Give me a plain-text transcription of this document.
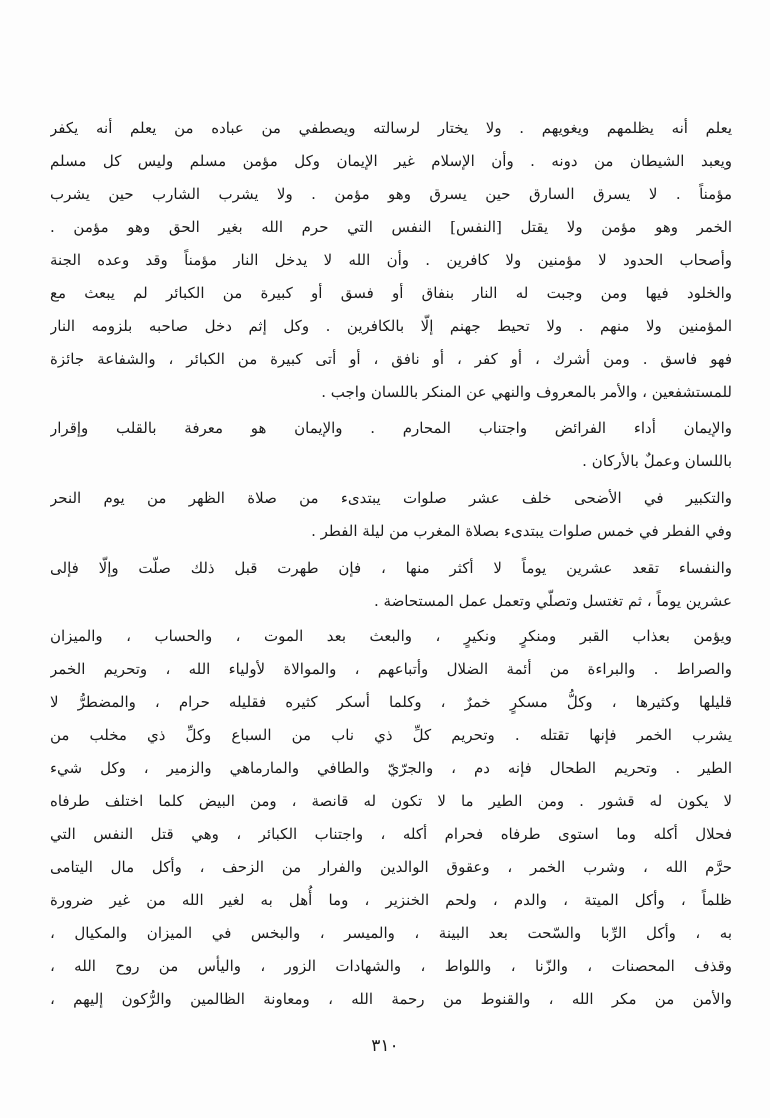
يعلم أنه يظلمهم ويغويهم . ولا يختار لرسالته ويصطفي من عباده من يعلم أنه يكفر
ويعبد الشيطان من دونه . وأن الإسلام غير الإيمان وكل مؤمن مسلم وليس كل مسلم
مؤمناً . لا يسرق السارق حين يسرق وهو مؤمن . ولا يشرب الشارب حين يشرب
الخمر وهو مؤمن ولا يقتل [النفس] النفس التي حرم الله بغير الحق وهو مؤمن .
وأصحاب الحدود لا مؤمنين ولا كافرين . وأن الله لا يدخل النار مؤمناً وقد وعده الجنة
والخلود فيها ومن وجبت له النار بنفاق أو فسق أو كبيرة من الكبائر لم يبعث مع
المؤمنين ولا منهم . ولا تحيط جهنم إلّا بالكافرين . وكل إثم دخل صاحبه بلزومه النار
فهو فاسق . ومن أشرك ، أو كفر ، أو نافق ، أو أتى كبيرة من الكبائر ، والشفاعة جائزة
للمستشفعين ، والأمر بالمعروف والنهي عن المنكر باللسان واجب .
والإيمان أداء الفرائض واجتناب المحارم . والإيمان هو معرفة بالقلب وإقرار
باللسان وعملٌ بالأركان .
والتكبير في الأضحى خلف عشر صلوات يبتدىء من صلاة الظهر من يوم النحر
وفي الفطر في خمس صلوات يبتدىء بصلاة المغرب من ليلة الفطر .
والنفساء تقعد عشرين يوماً لا أكثر منها ، فإن طهرت قبل ذلك صلّت وإلّا فإلى
عشرين يوماً ، ثم تغتسل وتصلّي وتعمل عمل المستحاضة .
ويؤمن بعذاب القبر ومنكرٍ ونكيرٍ ، والبعث بعد الموت ، والحساب ، والميزان
والصراط . والبراءة من أئمة الضلال وأتباعهم ، والموالاة لأولياء الله ، وتحريم الخمر
قليلها وكثيرها ، وكلُّ مسكرٍ خمرٌ ، وكلما أسكر كثيره فقليله حرام ، والمضطرُّ لا
يشرب الخمر فإنها تقتله . وتحريم كلِّ ذي ناب من السباع وكلِّ ذي مخلب من
الطير . وتحريم الطحال فإنه دم ، والجرّيّ والطافي والمارماهي والزمير ، وكل شيء
لا يكون له قشور . ومن الطير ما لا تكون له قانصة ، ومن البيض كلما اختلف طرفاه
فحلال أكله وما استوى طرفاه فحرام أكله ، واجتناب الكبائر ، وهي قتل النفس التي
حرَّم الله ، وشرب الخمر ، وعقوق الوالدين والفرار من الزحف ، وأكل مال اليتامى
ظلماً ، وأكل الميتة ، والدم ، ولحم الخنزير ، وما أُهل به لغير الله من غير ضرورة
به ، وأكل الرِّبا والسّحت بعد البينة ، والميسر ، والبخس في الميزان والمكيال ،
وقذف المحصنات ، والزّنا ، واللواط ، والشهادات الزور ، واليأس من روح الله ،
والأمن من مكر الله ، والقنوط من رحمة الله ، ومعاونة الظالمين والرُّكون إليهم ،
٣١٠
